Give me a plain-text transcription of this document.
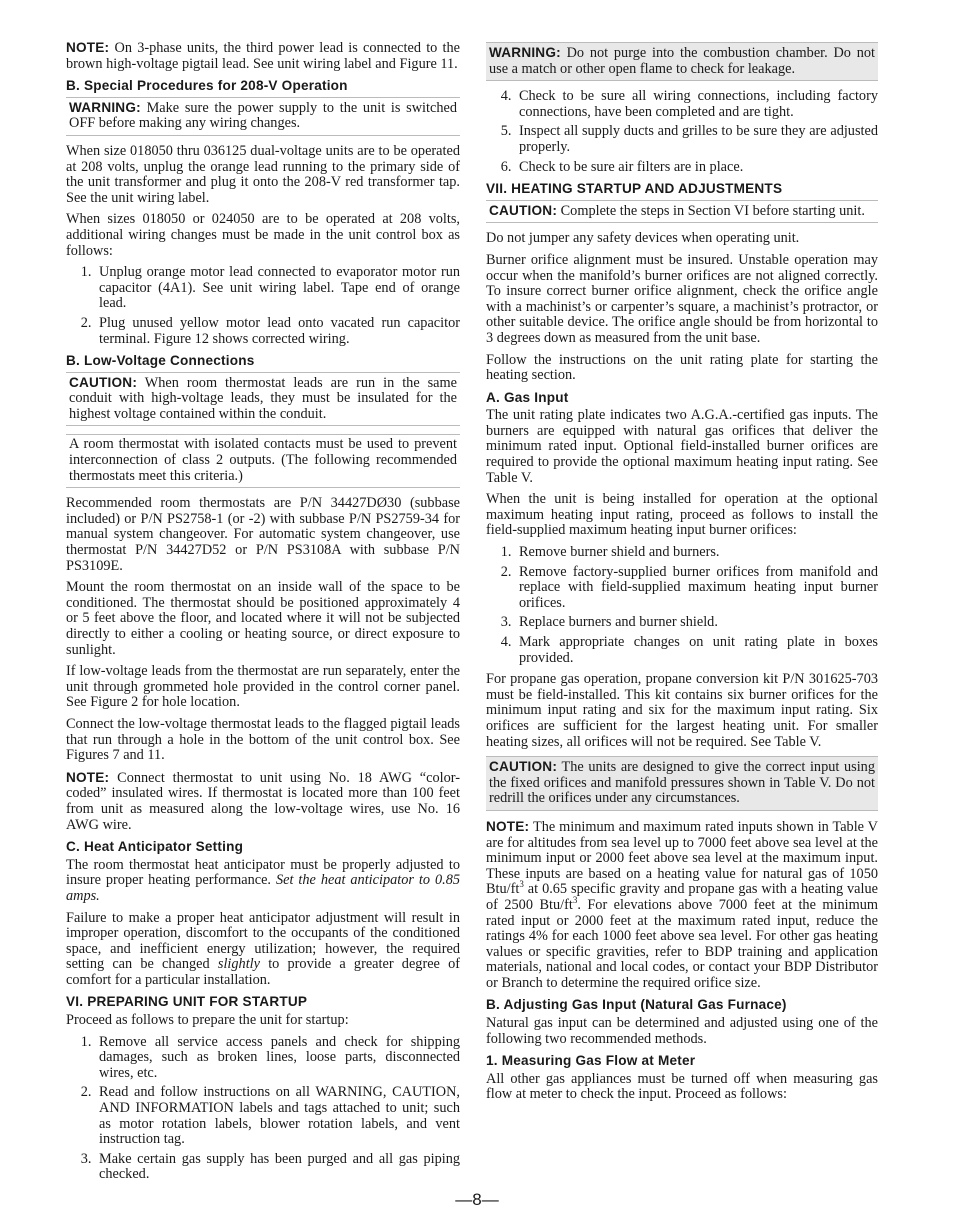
NOTE: On 3-phase units, the third power lead is connected to the brown high-voltage pigtail lead. See unit wiring label and Figure 11.

B. Special Procedures for 208-V Operation

WARNING: Make sure the power supply to the unit is switched OFF before making any wiring changes.

When size 018050 thru 036125 dual-voltage units are to be operated at 208 volts, unplug the orange lead running to the primary side of the unit transformer and plug it onto the 208-V red transformer tap. See the unit wiring label.

When sizes 018050 or 024050 are to be operated at 208 volts, additional wiring changes must be made in the unit control box as follows:

1. Unplug orange motor lead connected to evaporator motor run capacitor (4A1). See unit wiring label. Tape end of orange lead.
2. Plug unused yellow motor lead onto vacated run capacitor terminal. Figure 12 shows corrected wiring.
B. Low-Voltage Connections

CAUTION: When room thermostat leads are run in the same conduit with high-voltage leads, they must be insulated for the highest voltage contained within the conduit.

A room thermostat with isolated contacts must be used to prevent interconnection of class 2 outputs. (The following recommended thermostats meet this criteria.)

Recommended room thermostats are P/N 34427DØ30 (subbase included) or P/N PS2758-1 (or -2) with subbase P/N PS2759-34 for manual system changeover. For automatic system changeover, use thermostat P/N 34427D52 or P/N PS3108A with subbase P/N PS3109E.

Mount the room thermostat on an inside wall of the space to be conditioned. The thermostat should be positioned approximately 4 or 5 feet above the floor, and located where it will not be subjected directly to either a cooling or heating source, or direct exposure to sunlight.

If low-voltage leads from the thermostat are run separately, enter the unit through grommeted hole provided in the control corner panel. See Figure 2 for hole location.

Connect the low-voltage thermostat leads to the flagged pigtail leads that run through a hole in the bottom of the unit control box. See Figures 7 and 11.

NOTE: Connect thermostat to unit using No. 18 AWG “color-coded” insulated wires. If thermostat is located more than 100 feet from unit as measured along the low-voltage wires, use No. 16 AWG wire.

C. Heat Anticipator Setting

The room thermostat heat anticipator must be properly adjusted to insure proper heating performance. Set the heat anticipator to 0.85 amps.

Failure to make a proper heat anticipator adjustment will result in improper operation, discomfort to the occupants of the conditioned space, and inefficient energy utilization; however, the required setting can be changed slightly to provide a greater degree of comfort for a particular installation.

VI. PREPARING UNIT FOR STARTUP

Proceed as follows to prepare the unit for startup:

1. Remove all service access panels and check for shipping damages, such as broken lines, loose parts, disconnected wires, etc.
2. Read and follow instructions on all WARNING, CAUTION, AND INFORMATION labels and tags attached to unit; such as motor rotation labels, blower rotation labels, and vent instruction tag.
3. Make certain gas supply has been purged and all gas piping checked.

WARNING: Do not purge into the combustion chamber. Do not use a match or other open flame to check for leakage.

4. Check to be sure all wiring connections, including factory connections, have been completed and are tight.
5. Inspect all supply ducts and grilles to be sure they are adjusted properly.
6. Check to be sure air filters are in place.
VII. HEATING STARTUP AND ADJUSTMENTS

CAUTION: Complete the steps in Section VI before starting unit.

Do not jumper any safety devices when operating unit.

Burner orifice alignment must be insured. Unstable operation may occur when the manifold’s burner orifices are not aligned correctly. To insure correct burner orifice alignment, check the orifice angle with a machinist’s or carpenter’s square, a machinist’s protractor, or other suitable device. The orifice angle should be from horizontal to 3 degrees down as measured from the unit base.

Follow the instructions on the unit rating plate for starting the heating section.

A. Gas Input

The unit rating plate indicates two A.G.A.-certified gas inputs. The burners are equipped with natural gas orifices that deliver the minimum rated input. Optional field-installed burner orifices are required to provide the optional maximum heating input rating. See Table V.

When the unit is being installed for operation at the optional maximum heating input rating, proceed as follows to install the field-supplied maximum heating input burner orifices:

1. Remove burner shield and burners.
2. Remove factory-supplied burner orifices from manifold and replace with field-supplied maximum heating input burner orifices.
3. Replace burners and burner shield.
4. Mark appropriate changes on unit rating plate in boxes provided.

For propane gas operation, propane conversion kit P/N 301625-703 must be field-installed. This kit contains six burner orifices for the minimum input rating and six for the maximum input rating. Six orifices are sufficient for the largest heating unit. For smaller heating sizes, all orifices will not be required. See Table V.

CAUTION: The units are designed to give the correct input using the fixed orifices and manifold pressures shown in Table V. Do not redrill the orifices under any circumstances.

NOTE: The minimum and maximum rated inputs shown in Table V are for altitudes from sea level up to 7000 feet above sea level at the minimum input or 2000 feet above sea level at the maximum input. These inputs are based on a heating value for natural gas of 1050 Btu/$ft^3$ at 0.65 specific gravity and propane gas with a heating value of 2500 Btu/$ft^3$. For elevations above 7000 feet at the minimum rated input or 2000 feet at the maximum rated input, reduce the ratings 4% for each 1000 feet above sea level. For other gas heating values or specific gravities, refer to BDP training and application materials, national and local codes, or contact your BDP Distributor or Branch to determine the required orifice size.

B. Adjusting Gas Input (Natural Gas Furnace)

Natural gas input can be determined and adjusted using one of the following two recommended methods.

1. Measuring Gas Flow at Meter

All other gas appliances must be turned off when measuring gas flow at meter to check the input. Proceed as follows:

—8—
